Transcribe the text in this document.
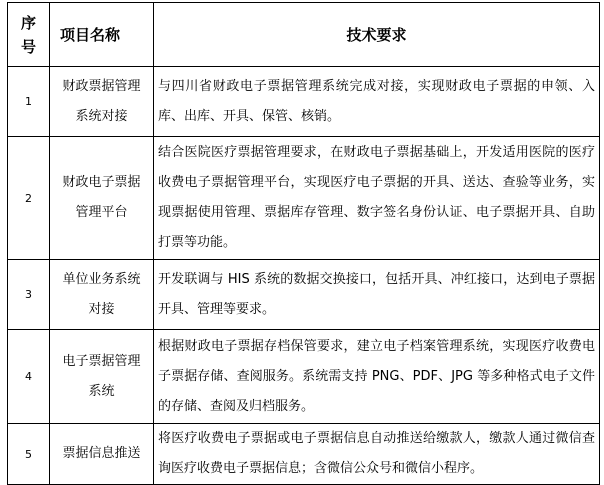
序号	项目名称	技术要求
1	财政票据管理系统对接	与四川省财政电子票据管理系统完成对接，实现财政电子票据的申领、入库、出库、开具、保管、核销。
2	财政电子票据管理平台	结合医院医疗票据管理要求，在财政电子票据基础上，开发适用医院的医疗收费电子票据管理平台，实现医疗电子票据的开具、送达、查验等业务，实现票据使用管理、票据库存管理、数字签名身份认证、电子票据开具、自助打票等功能。
3	单位业务系统对接	开发联调与 HIS 系统的数据交换接口，包括开具、冲红接口，达到电子票据开具、管理等要求。
4	电子票据管理系统	根据财政电子票据存档保管要求，建立电子档案管理系统，实现医疗收费电子票据存储、查阅服务。系统需支持 PNG、PDF、JPG 等多种格式电子文件的存储、查阅及归档服务。
5	票据信息推送	将医疗收费电子票据或电子票据信息自动推送给缴款人，缴款人通过微信查询医疗收费电子票据信息；含微信公众号和微信小程序。
